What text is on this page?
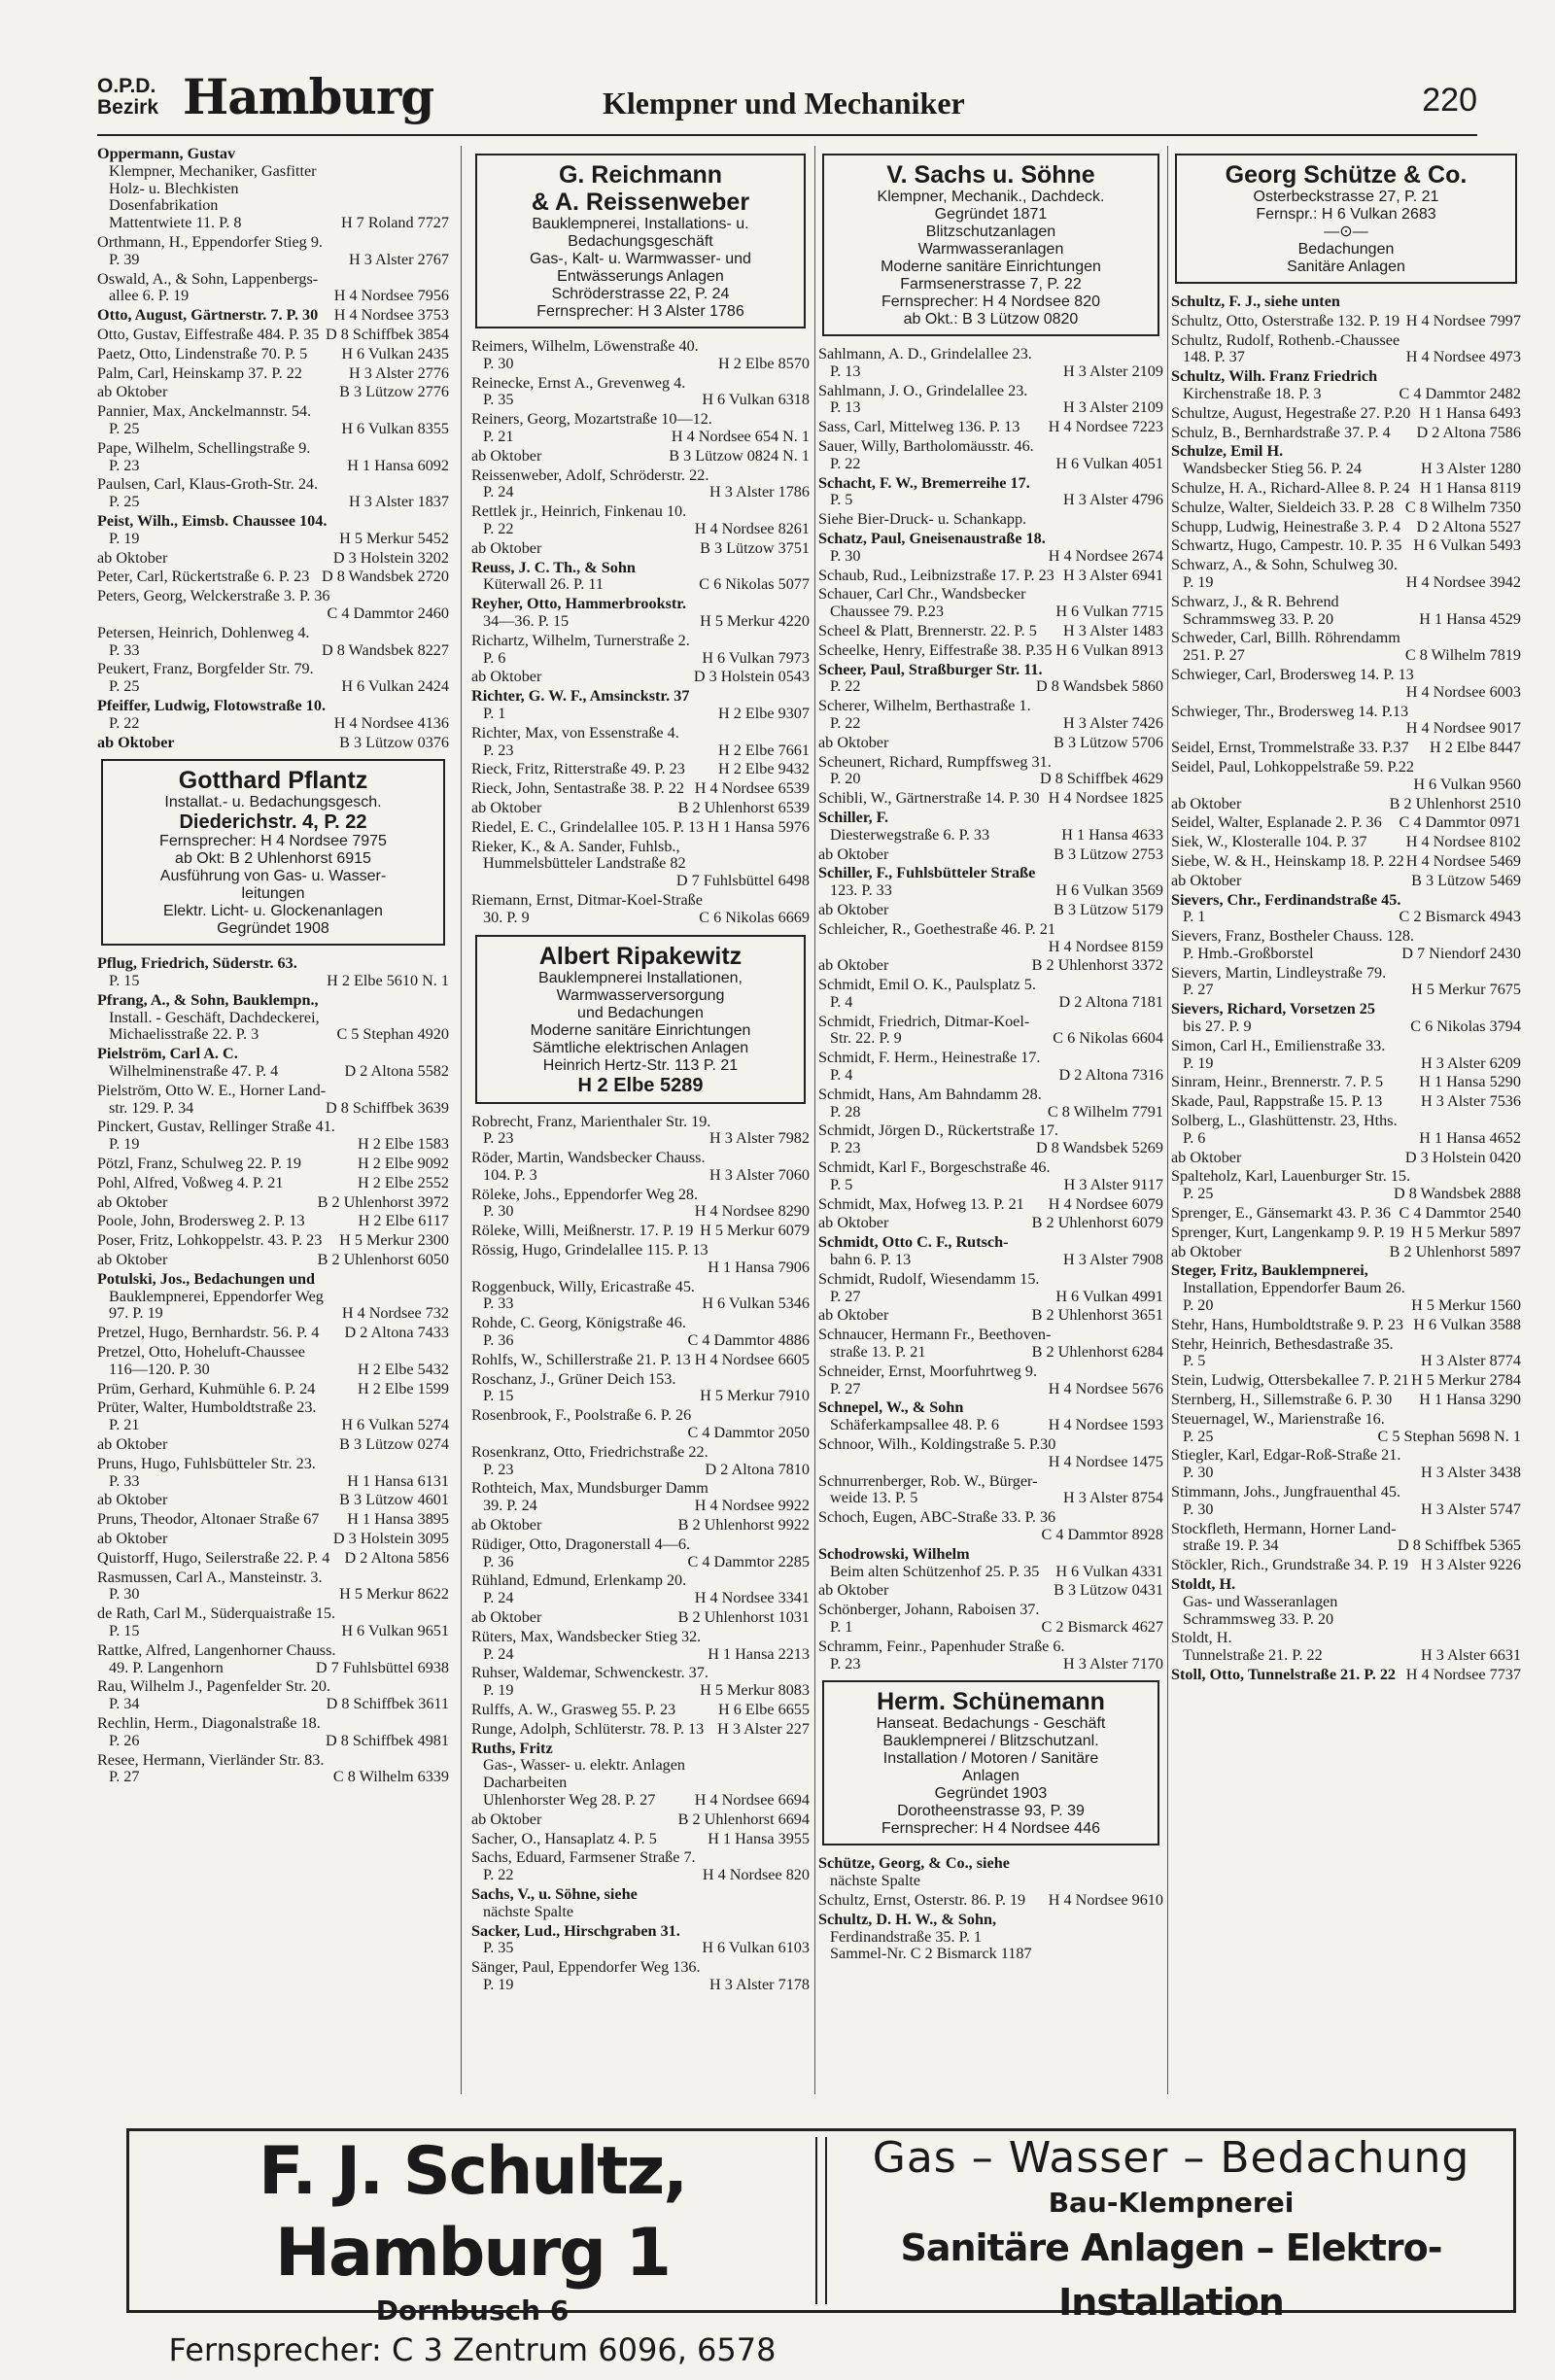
O.P.D.
Bezirk Hamburg	Klempner und Mechaniker	220
Oppermann, Gustav
Klempner, Mechaniker, Gasfitter
Holz- u. Blechkisten
Dosenfabrikation
Mattentwiete 11. P. 8	H 7 Roland 7727
Orthmann, H., Eppendorfer Stieg 9.
P. 39	H 3 Alster 2767
Oswald, A., & Sohn, Lappenbergs-
allee 6. P. 19	H 4 Nordsee 7956
Otto, August, Gärtnerstr. 7. P. 30 H 4 Nordsee 3753
Otto, Gustav, Eiffestraße 484. P. 35 D 8 Schiffbek 3854
Paetz, Otto, Lindenstraße 70. P. 5 H 6 Vulkan 2435
Palm, Carl, Heinskamp 37. P. 22	H 3 Alster 2776
ab Oktober	B 3 Lützow 2776
Pannier, Max, Anckelmannstr. 54.
P. 25	H 6 Vulkan 8355
Pape, Wilhelm, Schellingstraße 9.
P. 23	H 1 Hansa 6092
Paulsen, Carl, Klaus-Groth-Str. 24.
P. 25	H 3 Alster 1837
Peist, Wilh., Eimsb. Chaussee 104.
P. 19	H 5 Merkur 5452
ab Oktober	D 3 Holstein 3202
Peter, Carl, Rückertstraße 6. P. 23 D 8 Wandsbek 2720
Peters, Georg, Welckerstraße 3. P. 36
C 4 Dammtor 2460
Petersen, Heinrich, Dohlenweg 4.
P. 33	D 8 Wandsbek 8227
Peukert, Franz, Borgfelder Str. 79.
P. 25	H 6 Vulkan 2424
Pfeiffer, Ludwig, Flotowstraße 10.
P. 22	H 4 Nordsee 4136
ab Oktober	B 3 Lützow 0376
Gotthard Pflantz
Installat.- u. Bedachungsgesch.
Diederichstr. 4, P. 22
Fernsprecher: H 4 Nordsee 7975
ab Okt: B 2 Uhlenhorst 6915
Ausführung von Gas- u. Wasser-
leitungen
Elektr. Licht- u. Glockenanlagen
Gegründet 1908
Pflug, Friedrich, Süderstr. 63.
P. 15	H 2 Elbe 5610 N. 1
Pfrang, A., & Sohn, Bauklempn.,
Install. - Geschäft, Dachdeckerei,
Michaelisstraße 22. P. 3	C 5 Stephan 4920
Pielström, Carl A. C.
Wilhelminenstraße 47. P. 4	D 2 Altona 5582
Pielström, Otto W. E., Horner Land-
str. 129. P. 34	D 8 Schiffbek 3639
Pinckert, Gustav, Rellinger Straße 41.
P. 19	H 2 Elbe 1583
Pötzl, Franz, Schulweg 22. P. 19	H 2 Elbe 9092
Pohl, Alfred, Voßweg 4. P. 21	H 2 Elbe 2552
ab Oktober	B 2 Uhlenhorst 3972
Poole, John, Brodersweg 2. P. 13	H 2 Elbe 6117
Poser, Fritz, Lohkoppelstr. 43. P. 23 H 5 Merkur 2300
ab Oktober	B 2 Uhlenhorst 6050
Potulski, Jos., Bedachungen und
Bauklempnerei, Eppendorfer Weg
97. P. 19	H 4 Nordsee 732
Pretzel, Hugo, Bernhardstr. 56. P. 4 D 2 Altona 7433
Pretzel, Otto, Hoheluft-Chaussee
116—120. P. 30	H 2 Elbe 5432
Prüm, Gerhard, Kuhmühle 6. P. 24	H 2 Elbe 1599
Prüter, Walter, Humboldtstraße 23.
P. 21	H 6 Vulkan 5274
ab Oktober	B 3 Lützow 0274
Pruns, Hugo, Fuhlsbütteler Str. 23.
P. 33	H 1 Hansa 6131
ab Oktober	B 3 Lützow 4601
Pruns, Theodor, Altonaer Straße 67 H 1 Hansa 3895
ab Oktober	D 3 Holstein 3095
Quistorff, Hugo, Seilerstraße 22. P. 4 D 2 Altona 5856
Rasmussen, Carl A., Mansteinstr. 3.
P. 30	H 5 Merkur 8622
de Rath, Carl M., Süderquaistraße 15.
P. 15	H 6 Vulkan 9651
Rattke, Alfred, Langenhorner Chauss.
49. P. Langenhorn	D 7 Fuhlsbüttel 6938
Rau, Wilhelm J., Pagenfelder Str. 20.
P. 34	D 8 Schiffbek 3611
Rechlin, Herm., Diagonalstraße 18.
P. 26	D 8 Schiffbek 4981
Resee, Hermann, Vierländer Str. 83.
P. 27	C 8 Wilhelm 6339
G. Reichmann
& A. Reissenweber
Bauklempnerei, Installations- u.
Bedachungsgeschäft
Gas-, Kalt- u. Warmwasser- und
Entwässerungs Anlagen
Schröderstrasse 22, P. 24
Fernsprecher: H 3 Alster 1786
Reimers, Wilhelm, Löwenstraße 40.
P. 30	H 2 Elbe 8570
Reinecke, Ernst A., Grevenweg 4.
P. 35	H 6 Vulkan 6318
Reiners, Georg, Mozartstraße 10—12.
P. 21	H 4 Nordsee 654 N. 1
ab Oktober	B 3 Lützow 0824 N. 1
Reissenweber, Adolf, Schröderstr. 22.
P. 24	H 3 Alster 1786
Rettlek jr., Heinrich, Finkenau 10.
P. 22	H 4 Nordsee 8261
ab Oktober	B 3 Lützow 3751
Reuss, J. C. Th., & Sohn
Küterwall 26. P. 11	C 6 Nikolas 5077
Reyher, Otto, Hammerbrookstr.
34—36. P. 15	H 5 Merkur 4220
Richartz, Wilhelm, Turnerstraße 2.
P. 6	H 6 Vulkan 7973
ab Oktober	D 3 Holstein 0543
Richter, G. W. F., Amsinckstr. 37
P. 1	H 2 Elbe 9307
Richter, Max, von Essenstraße 4.
P. 23	H 2 Elbe 7661
Rieck, Fritz, Ritterstraße 49. P. 23 H 2 Elbe 9432
Rieck, John, Sentastraße 38. P. 22 H 4 Nordsee 6539
ab Oktober	B 2 Uhlenhorst 6539
Riedel, E. C., Grindelallee 105. P. 13 H 1 Hansa 5976
Rieker, K., & A. Sander, Fuhlsb.,
Hummelsbütteler Landstraße 82
D 7 Fuhlsbüttel 6498
Riemann, Ernst, Ditmar-Koel-Straße
30. P. 9	C 6 Nikolas 6669
Albert Ripakewitz
Bauklempnerei Installationen,
Warmwasserversorgung
und Bedachungen
Moderne sanitäre Einrichtungen
Sämtliche elektrischen Anlagen
Heinrich Hertz-Str. 113 P. 21
H 2 Elbe 5289
Robrecht, Franz, Marienthaler Str. 19.
P. 23	H 3 Alster 7982
Röder, Martin, Wandsbecker Chauss.
104. P. 3	H 3 Alster 7060
Röleke, Johs., Eppendorfer Weg 28.
P. 30	H 4 Nordsee 8290
Röleke, Willi, Meißnerstr. 17. P. 19 H 5 Merkur 6079
Rössig, Hugo, Grindelallee 115. P. 13
H 1 Hansa 7906
Roggenbuck, Willy, Ericastraße 45.
P. 33	H 6 Vulkan 5346
Rohde, C. Georg, Königstraße 46.
P. 36	C 4 Dammtor 4886
Rohlfs, W., Schillerstraße 21. P. 13 H 4 Nordsee 6605
Roschanz, J., Grüner Deich 153.
P. 15	H 5 Merkur 7910
Rosenbrook, F., Poolstraße 6. P. 26
C 4 Dammtor 2050
Rosenkranz, Otto, Friedrichstraße 22.
P. 23	D 2 Altona 7810
Rothteich, Max, Mundsburger Damm
39. P. 24	H 4 Nordsee 9922
ab Oktober	B 2 Uhlenhorst 9922
Rüdiger, Otto, Dragonerstall 4—6.
P. 36	C 4 Dammtor 2285
Rühland, Edmund, Erlenkamp 20.
P. 24	H 4 Nordsee 3341
ab Oktober	B 2 Uhlenhorst 1031
Rüters, Max, Wandsbecker Stieg 32.
P. 24	H 1 Hansa 2213
Ruhser, Waldemar, Schwenckestr. 37.
P. 19	H 5 Merkur 8083
Rulffs, A. W., Grasweg 55. P. 23	H 6 Elbe 6655
Runge, Adolph, Schlüterstr. 78. P. 13 H 3 Alster 227
Ruths, Fritz
Gas-, Wasser- u. elektr. Anlagen
Dacharbeiten
Uhlenhorster Weg 28. P. 27 H 4 Nordsee 6694
ab Oktober	B 2 Uhlenhorst 6694
Sacher, O., Hansaplatz 4. P. 5	H 1 Hansa 3955
Sachs, Eduard, Farmsener Straße 7.
P. 22	H 4 Nordsee 820
Sachs, V., u. Söhne, siehe
nächste Spalte
Sacker, Lud., Hirschgraben 31.
P. 35	H 6 Vulkan 6103
Sänger, Paul, Eppendorfer Weg 136.
P. 19	H 3 Alster 7178
V. Sachs u. Söhne
Klempner, Mechanik., Dachdeck.
Gegründet 1871
Blitzschutzanlagen
Warmwasseranlagen
Moderne sanitäre Einrichtungen
Farmsenerstrasse 7, P. 22
Fernsprecher: H 4 Nordsee 820
ab Okt.: B 3 Lützow 0820
Sahlmann, A. D., Grindelallee 23.
P. 13	H 3 Alster 2109
Sahlmann, J. O., Grindelallee 23.
P. 13	H 3 Alster 2109
Sass, Carl, Mittelweg 136. P. 13 H 4 Nordsee 7223
Sauer, Willy, Bartholomäusstr. 46.
P. 22	H 6 Vulkan 4051
Schacht, F. W., Bremerreihe 17.
P. 5	H 3 Alster 4796
Siehe Bier-Druck- u. Schankapp.
Schatz, Paul, Gneisenaustraße 18.
P. 30	H 4 Nordsee 2674
Schaub, Rud., Leibnizstraße 17. P. 23 H 3 Alster 6941
Schauer, Carl Chr., Wandsbecker
Chaussee 79. P.23	H 6 Vulkan 7715
Scheel & Platt, Brennerstr. 22. P. 5 H 3 Alster 1483
Scheelke, Henry, Eiffestraße 38. P.35 H 6 Vulkan 8913
Scheer, Paul, Straßburger Str. 11.
P. 22	D 8 Wandsbek 5860
Scherer, Wilhelm, Berthastraße 1.
P. 22	H 3 Alster 7426
ab Oktober	B 3 Lützow 5706
Scheunert, Richard, Rumpffsweg 31.
P. 20	D 8 Schiffbek 4629
Schibli, W., Gärtnerstraße 14. P. 30 H 4 Nordsee 1825
Schiller, F.
Diesterwegstraße 6. P. 33	H 1 Hansa 4633
ab Oktober	B 3 Lützow 2753
Schiller, F., Fuhlsbütteler Straße
123. P. 33	H 6 Vulkan 3569
ab Oktober	B 3 Lützow 5179
Schleicher, R., Goethestraße 46. P. 21
H 4 Nordsee 8159
ab Oktober	B 2 Uhlenhorst 3372
Schmidt, Emil O. K., Paulsplatz 5.
P. 4	D 2 Altona 7181
Schmidt, Friedrich, Ditmar-Koel-
Str. 22. P. 9	C 6 Nikolas 6604
Schmidt, F. Herm., Heinestraße 17.
P. 4	D 2 Altona 7316
Schmidt, Hans, Am Bahndamm 28.
P. 28	C 8 Wilhelm 7791
Schmidt, Jörgen D., Rückertstraße 17.
P. 23	D 8 Wandsbek 5269
Schmidt, Karl F., Borgeschstraße 46.
P. 5	H 3 Alster 9117
Schmidt, Max, Hofweg 13. P. 21 H 4 Nordsee 6079
ab Oktober	B 2 Uhlenhorst 6079
Schmidt, Otto C. F., Rutsch-
bahn 6. P. 13	H 3 Alster 7908
Schmidt, Rudolf, Wiesendamm 15.
P. 27	H 6 Vulkan 4991
ab Oktober	B 2 Uhlenhorst 3651
Schnaucer, Hermann Fr., Beethoven-
straße 13. P. 21	B 2 Uhlenhorst 6284
Schneider, Ernst, Moorfuhrtweg 9.
P. 27	H 4 Nordsee 5676
Schnepel, W., & Sohn
Schäferkampsallee 48. P. 6	H 4 Nordsee 1593
Schnoor, Wilh., Koldingstraße 5. P.30
H 4 Nordsee 1475
Schnurrenberger, Rob. W., Bürger-
weide 13. P. 5	H 3 Alster 8754
Schoch, Eugen, ABC-Straße 33. P. 36
C 4 Dammtor 8928
Schodrowski, Wilhelm
Beim alten Schützenhof 25. P. 35 H 6 Vulkan 4331
ab Oktober	B 3 Lützow 0431
Schönberger, Johann, Raboisen 37.
P. 1	C 2 Bismarck 4627
Schramm, Feinr., Papenhuder Straße 6.
P. 23	H 3 Alster 7170
Herm. Schünemann
Hanseat. Bedachungs - Geschäft
Bauklempnerei / Blitzschutzanl.
Installation / Motoren / Sanitäre
Anlagen
Gegründet 1903
Dorotheenstrasse 93, P. 39
Fernsprecher: H 4 Nordsee 446
Schütze, Georg, & Co., siehe
nächste Spalte
Schultz, Ernst, Osterstr. 86. P. 19 H 4 Nordsee 9610
Schultz, D. H. W., & Sohn,
Ferdinandstraße 35. P. 1
Sammel-Nr. C 2 Bismarck 1187
Georg Schütze & Co.
Osterbeckstrasse 27, P. 21
Fernspr.: H 6 Vulkan 2683
—⊙—
Bedachungen
Sanitäre Anlagen
Schultz, F. J., siehe unten
Schultz, Otto, Osterstraße 132. P. 19 H 4 Nordsee 7997
Schultz, Rudolf, Rothenb.-Chaussee
148. P. 37	H 4 Nordsee 4973
Schultz, Wilh. Franz Friedrich
Kirchenstraße 18. P. 3	C 4 Dammtor 2482
Schultze, August, Hegestraße 27. P.20 H 1 Hansa 6493
Schulz, B., Bernhardstraße 37. P. 4 D 2 Altona 7586
Schulze, Emil H.
Wandsbecker Stieg 56. P. 24	H 3 Alster 1280
Schulze, H. A., Richard-Allee 8. P. 24 H 1 Hansa 8119
Schulze, Walter, Sieldeich 33. P. 28 C 8 Wilhelm 7350
Schupp, Ludwig, Heinestraße 3. P. 4 D 2 Altona 5527
Schwartz, Hugo, Campestr. 10. P. 35 H 6 Vulkan 5493
Schwarz, A., & Sohn, Schulweg 30.
P. 19	H 4 Nordsee 3942
Schwarz, J., & R. Behrend
Schrammsweg 33. P. 20	H 1 Hansa 4529
Schweder, Carl, Billh. Röhrendamm
251. P. 27	C 8 Wilhelm 7819
Schwieger, Carl, Brodersweg 14. P. 13
H 4 Nordsee 6003
Schwieger, Thr., Brodersweg 14. P.13
H 4 Nordsee 9017
Seidel, Ernst, Trommelstraße 33. P.37 H 2 Elbe 8447
Seidel, Paul, Lohkoppelstraße 59. P.22
H 6 Vulkan 9560
ab Oktober	B 2 Uhlenhorst 2510
Seidel, Walter, Esplanade 2. P. 36 C 4 Dammtor 0971
Siek, W., Klosteralle 104. P. 37 H 4 Nordsee 8102
Siebe, W. & H., Heinskamp 18. P. 22 H 4 Nordsee 5469
ab Oktober	B 3 Lützow 5469
Sievers, Chr., Ferdinandstraße 45.
P. 1	C 2 Bismarck 4943
Sievers, Franz, Bostheler Chauss. 128.
P. Hmb.-Großborstel	D 7 Niendorf 2430
Sievers, Martin, Lindleystraße 79.
P. 27	H 5 Merkur 7675
Sievers, Richard, Vorsetzen 25
bis 27. P. 9	C 6 Nikolas 3794
Simon, Carl H., Emilienstraße 33.
P. 19	H 3 Alster 6209
Sinram, Heinr., Brennerstr. 7. P. 5 H 1 Hansa 5290
Skade, Paul, Rappstraße 15. P. 13 H 3 Alster 7536
Solberg, L., Glashüttenstr. 23, Hths.
P. 6	H 1 Hansa 4652
ab Oktober	D 3 Holstein 0420
Spalteholz, Karl, Lauenburger Str. 15.
P. 25	D 8 Wandsbek 2888
Sprenger, E., Gänsemarkt 43. P. 36 C 4 Dammtor 2540
Sprenger, Kurt, Langenkamp 9. P. 19 H 5 Merkur 5897
ab Oktober	B 2 Uhlenhorst 5897
Steger, Fritz, Bauklempnerei,
Installation, Eppendorfer Baum 26.
P. 20	H 5 Merkur 1560
Stehr, Hans, Humboldtstraße 9. P. 23 H 6 Vulkan 3588
Stehr, Heinrich, Bethesdastraße 35.
P. 5	H 3 Alster 8774
Stein, Ludwig, Ottersbekallee 7. P. 21 H 5 Merkur 2784
Sternberg, H., Sillemstraße 6. P. 30 H 1 Hansa 3290
Steuernagel, W., Marienstraße 16.
P. 25	C 5 Stephan 5698 N. 1
Stiegler, Karl, Edgar-Roß-Straße 21.
P. 30	H 3 Alster 3438
Stimmann, Johs., Jungfrauenthal 45.
P. 30	H 3 Alster 5747
Stockfleth, Hermann, Horner Land-
straße 19. P. 34	D 8 Schiffbek 5365
Stöckler, Rich., Grundstraße 34. P. 19 H 3 Alster 9226
Stoldt, H.
Gas- und Wasseranlagen
Schrammsweg 33. P. 20
Stoldt, H.
Tunnelstraße 21. P. 22	H 3 Alster 6631
Stoll, Otto, Tunnelstraße 21. P. 22 H 4 Nordsee 7737
F. J. Schultz, Hamburg 1
Dornbusch 6
Fernsprecher: C 3 Zentrum 6096, 6578
Gas – Wasser – Bedachung
Bau-Klempnerei
Sanitäre Anlagen – Elektro-Installation
